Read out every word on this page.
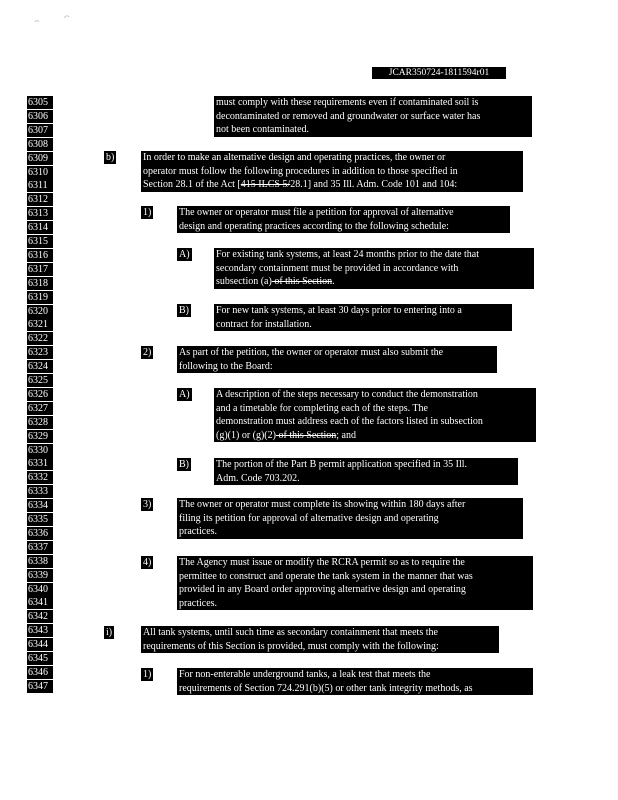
JCAR350724-1811594r01
6305
6306
6307
6308
6309
6310
6311
6312
6313
6314
6315
6316
6317
6318
6319
6320
6321
6322
6323
6324
6325
6326
6327
6328
6329
6330
6331
6332
6333
6334
6335
6336
6337
6338
6339
6340
6341
6342
6343
6344
6345
6346
6347
must comply with these requirements even if contaminated soil is
decontaminated or removed and groundwater or surface water has
not been contaminated.
b)	In order to make an alternative design and operating practices, the owner or
operator must follow the following procedures in addition to those specified in
Section 28.1 of the Act [415 ILCS 5/28.1] and 35 Ill. Adm. Code 101 and 104:
1)	The owner or operator must file a petition for approval of alternative
design and operating practices according to the following schedule:
A)	For existing tank systems, at least 24 months prior to the date that
secondary containment must be provided in accordance with
subsection (a) of this Section.
B)	For new tank systems, at least 30 days prior to entering into a
contract for installation.
2)	As part of the petition, the owner or operator must also submit the
following to the Board:
A)	A description of the steps necessary to conduct the demonstration
and a timetable for completing each of the steps. The
demonstration must address each of the factors listed in subsection
(g)(1) or (g)(2) of this Section; and
B)	The portion of the Part B permit application specified in 35 Ill.
Adm. Code 703.202.
3)	The owner or operator must complete its showing within 180 days after
filing its petition for approval of alternative design and operating
practices.
4)	The Agency must issue or modify the RCRA permit so as to require the
permittee to construct and operate the tank system in the manner that was
provided in any Board order approving alternative design and operating
practices.
i)	All tank systems, until such time as secondary containment that meets the
requirements of this Section is provided, must comply with the following:
1)	For non-enterable underground tanks, a leak test that meets the
requirements of Section 724.291(b)(5) or other tank integrity methods, as
